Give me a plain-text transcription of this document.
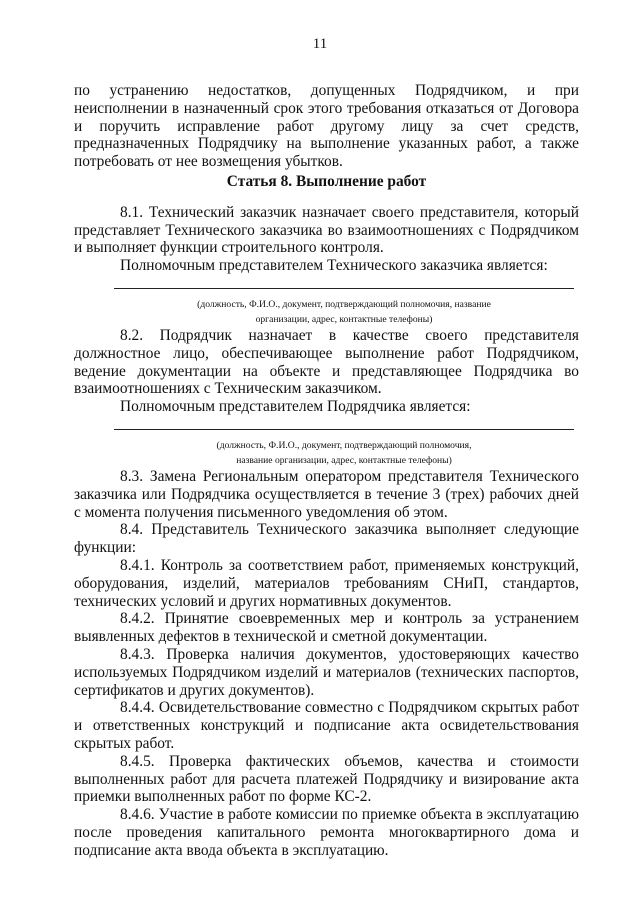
11

по устранению недостатков, допущенных Подрядчиком, и при неисполнении в назначенный срок этого требования отказаться от Договора и поручить исправление работ другому лицу за счет средств, предназначенных Подрядчику на выполнение указанных работ, а также потребовать от нее возмещения убытков.

Статья 8. Выполнение работ

8.1. Технический заказчик назначает своего представителя, который представляет Технического заказчика во взаимоотношениях с Подрядчиком и выполняет функции строительного контроля.

Полномочным представителем Технического заказчика является:

(должность, Ф.И.О., документ, подтверждающий полномочия, название
организации, адрес, контактные телефоны)

8.2. Подрядчик назначает в качестве своего представителя должностное лицо, обеспечивающее выполнение работ Подрядчиком, ведение документации на объекте и представляющее Подрядчика во взаимоотношениях с Техническим заказчиком.

Полномочным представителем Подрядчика является:

(должность, Ф.И.О., документ, подтверждающий полномочия,
название организации, адрес, контактные телефоны)

8.3. Замена Региональным оператором представителя Технического заказчика или Подрядчика осуществляется в течение 3 (трех) рабочих дней с момента получения письменного уведомления об этом.

8.4. Представитель Технического заказчика выполняет следующие функции:

8.4.1. Контроль за соответствием работ, применяемых конструкций, оборудования, изделий, материалов требованиям СНиП, стандартов, технических условий и других нормативных документов.

8.4.2. Принятие своевременных мер и контроль за устранением выявленных дефектов в технической и сметной документации.

8.4.3. Проверка наличия документов, удостоверяющих качество используемых Подрядчиком изделий и материалов (технических паспортов, сертификатов и других документов).

8.4.4. Освидетельствование совместно с Подрядчиком скрытых работ и ответственных конструкций и подписание акта освидетельствования скрытых работ.

8.4.5. Проверка фактических объемов, качества и стоимости выполненных работ для расчета платежей Подрядчику и визирование акта приемки выполненных работ по форме КС-2.

8.4.6. Участие в работе комиссии по приемке объекта в эксплуатацию после проведения капитального ремонта многоквартирного дома и подписание акта ввода объекта в эксплуатацию.
